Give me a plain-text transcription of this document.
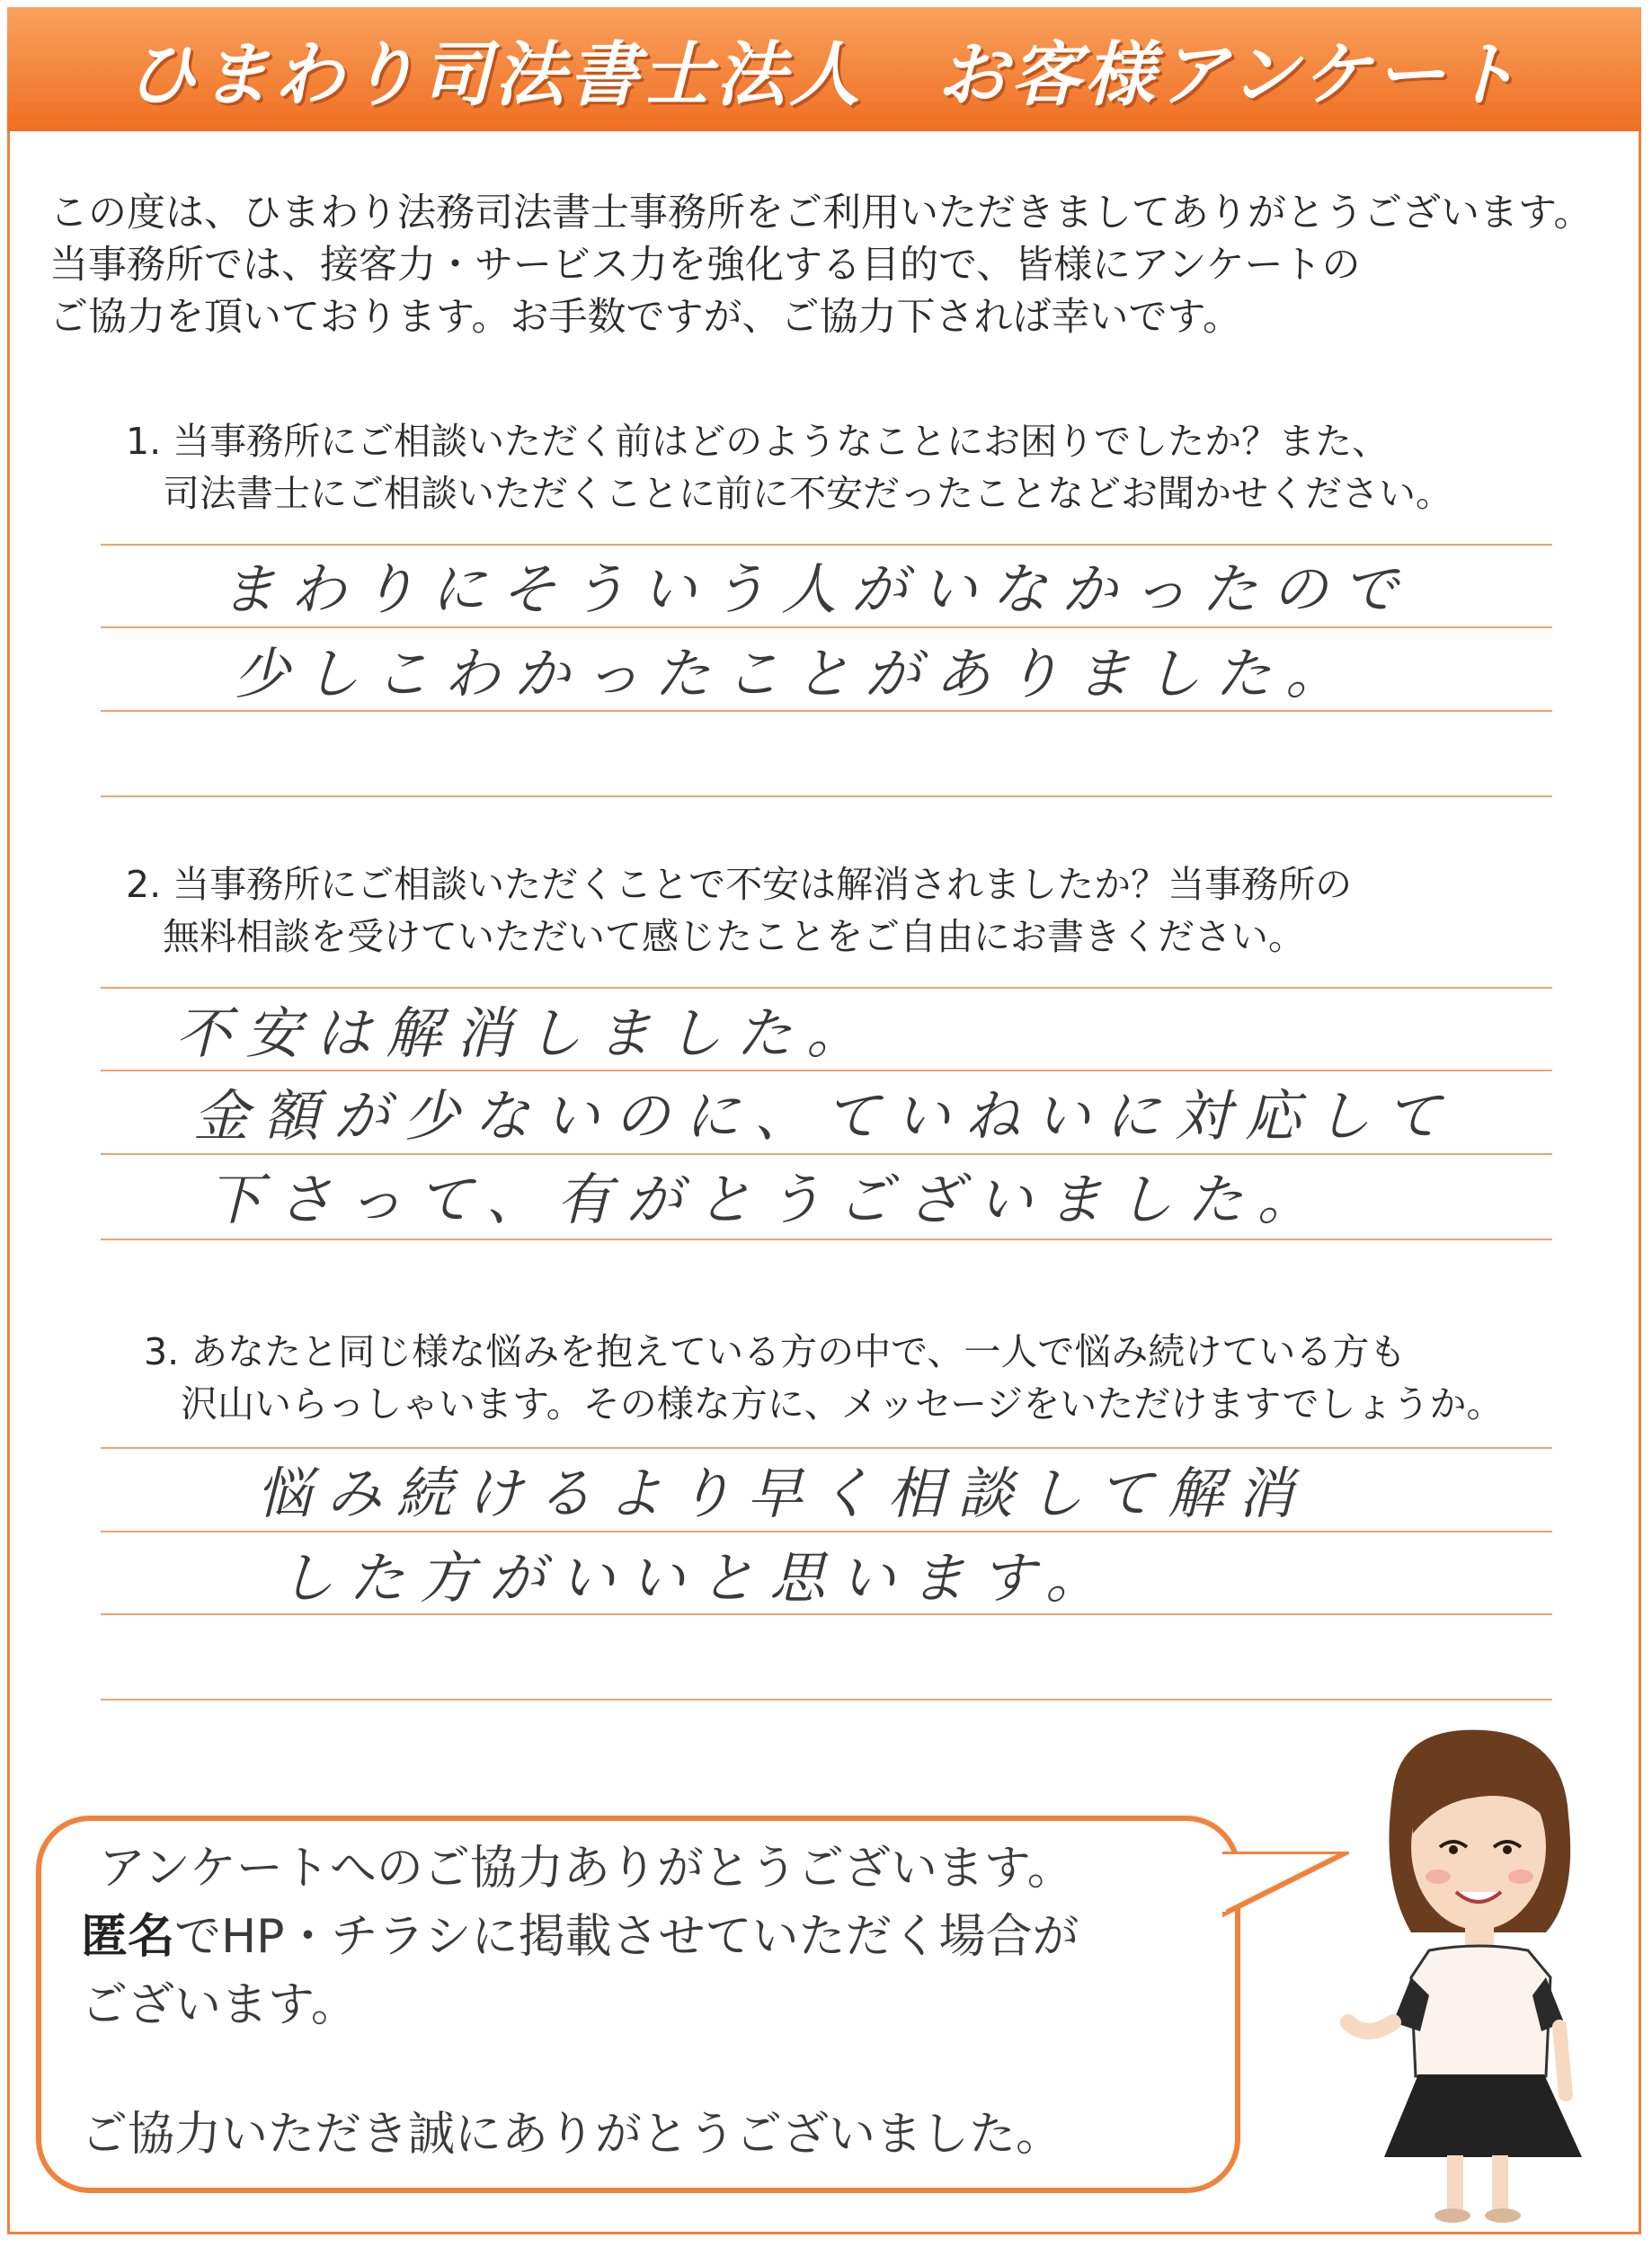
ひまわり司法書士法人　お客様アンケート
この度は、ひまわり法務司法書士事務所をご利用いただきましてありがとうございます。
当事務所では、接客力・サービス力を強化する目的で、皆様にアンケートの
ご協力を頂いております。お手数ですが、ご協力下されば幸いです。
1. 当事務所にご相談いただく前はどのようなことにお困りでしたか？また、
　司法書士にご相談いただくことに前に不安だったことなどお聞かせください。
まわりにそういう人がいなかったので
少しこわかったことがありました。
2. 当事務所にご相談いただくことで不安は解消されましたか？当事務所の
　無料相談を受けていただいて感じたことをご自由にお書きください。
不安は解消しました。
金額が少ないのに、ていねいに対応して
下さって、有がとうございました。
3. あなたと同じ様な悩みを抱えている方の中で、一人で悩み続けている方も
　沢山いらっしゃいます。その様な方に、メッセージをいただけますでしょうか。
悩み続けるより早く相談して解消
した方がいいと思います。
アンケートへのご協力ありがとうございます。
匿名でHP・チラシに掲載させていただく場合が
ございます。
ご協力いただき誠にありがとうございました。
